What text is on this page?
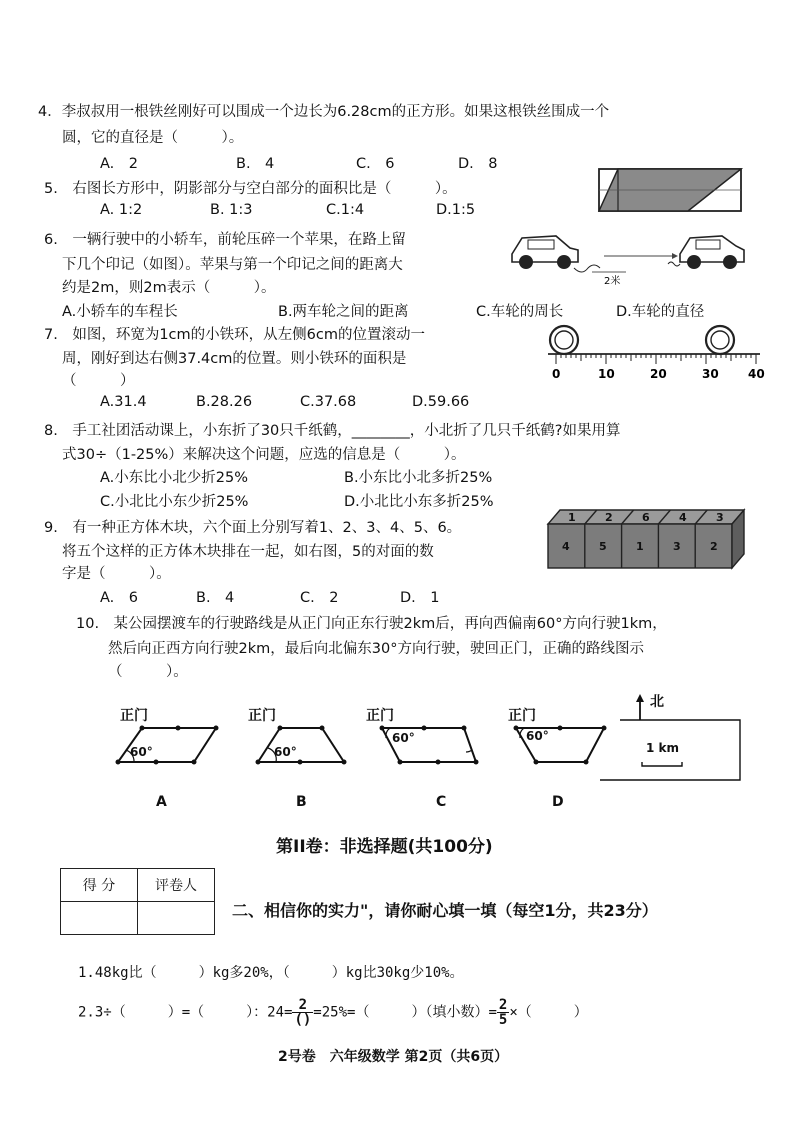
4．李叔叔用一根铁丝刚好可以围成一个边长为6.28cm的正方形。如果这根铁丝围成一个
圆，它的直径是（　　　）。
A.　2	B.　4	C.　6	D.　8
5.　右图长方形中，阴影部分与空白部分的面积比是（　　　）。
A. 1:2	B. 1:3	C.1:4	D.1:5
6.　一辆行驶中的小轿车，前轮压碎一个苹果，在路上留
下几个印记（如图）。苹果与第一个印记之间的距离大
约是2m，则2m表示（　　　）。
A.小轿车的车程长	B.两车轮之间的距离	C.车轮的周长	D.车轮的直径
2米
7.　如图，环宽为1cm的小铁环，从左侧6cm的位置滚动一
周，刚好到达右侧37.4cm的位置。则小铁环的面积是
（　　　）
A.31.4	B.28.26	C.37.68	D.59.66
0	10	20	30 40
8.　手工社团活动课上，小东折了30只千纸鹤，________，小北折了几只千纸鹤?如果用算
式30÷（1-25%）来解决这个问题，应选的信息是（　　　）。
A.小东比小北少折25%	B.小东比小北多折25%
C.小北比小东少折25%	D.小北比小东多折25%
9.　有一种正方体木块，六个面上分别写着1、2、3、4、5、6。
将五个这样的正方体木块排在一起，如右图，5的对面的数
字是（　　　）。
A.　6	B.　4	C.　2	D.　1
1	2	6	4	3
4	5	1	3	2
10.　某公园摆渡车的行驶路线是从正门向正东行驶2km后，再向西偏南60°方向行驶1km，
然后向正西方向行驶2km，最后向北偏东30°方向行驶，驶回正门，正确的路线图示
（　　　）。
正门
60°
A
正门
60°
B
正门
60°
C
正门
60°
D
北
1 km
第II卷：非选择题(共100分)
得 分	评卷人

二、相信你的实力"，请你耐心填一填（每空1分，共23分）
1.48kg比（　　　）kg多20%，（　　　）kg比30kg少10%。
2.3÷（　　　）=（　　　）：$24= \frac{2}{()} =25\%=$（　　　）（填小数）= $\frac{2}{5}$ ×（　　　）
2号卷　六年级数学 第2页（共6页）
